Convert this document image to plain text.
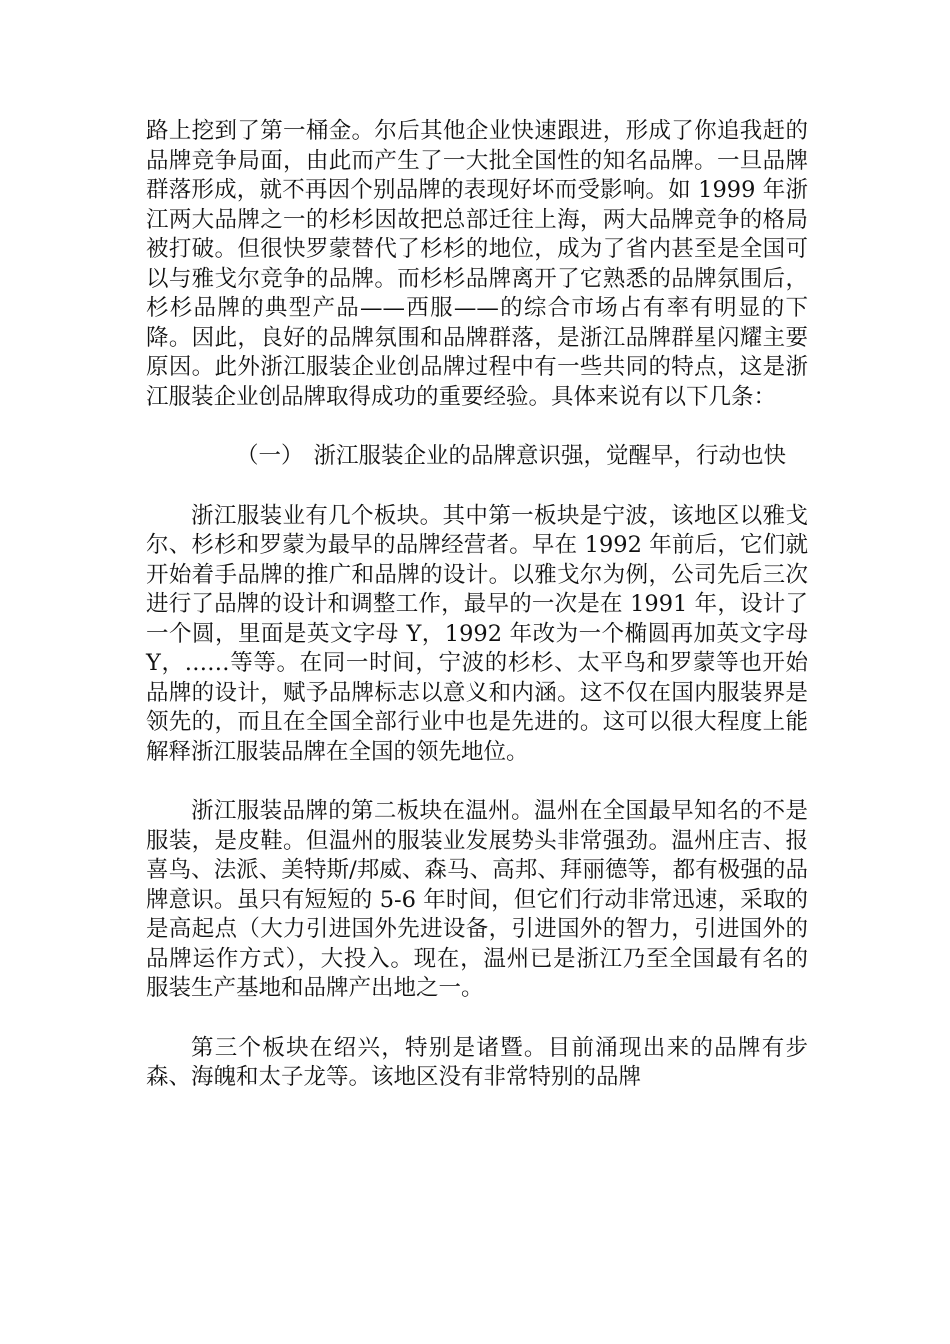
路上挖到了第一桶金。尔后其他企业快速跟进，形成了你追我赶的品牌竞争局面，由此而产生了一大批全国性的知名品牌。一旦品牌群落形成，就不再因个别品牌的表现好坏而受影响。如 1999 年浙江两大品牌之一的杉杉因故把总部迁往上海，两大品牌竞争的格局被打破。但很快罗蒙替代了杉杉的地位，成为了省内甚至是全国可以与雅戈尔竞争的品牌。而杉杉品牌离开了它熟悉的品牌氛围后，杉杉品牌的典型产品——西服——的综合市场占有率有明显的下降。因此，良好的品牌氛围和品牌群落，是浙江品牌群星闪耀主要原因。此外浙江服装企业创品牌过程中有一些共同的特点，这是浙江服装企业创品牌取得成功的重要经验。具体来说有以下几条：

（一） 浙江服装企业的品牌意识强，觉醒早，行动也快

浙江服装业有几个板块。其中第一板块是宁波，该地区以雅戈尔、杉杉和罗蒙为最早的品牌经营者。早在 1992 年前后，它们就开始着手品牌的推广和品牌的设计。以雅戈尔为例，公司先后三次进行了品牌的设计和调整工作，最早的一次是在 1991 年，设计了一个圆，里面是英文字母 Y，1992 年改为一个椭圆再加英文字母 Y，……等等。在同一时间，宁波的杉杉、太平鸟和罗蒙等也开始品牌的设计，赋予品牌标志以意义和内涵。这不仅在国内服装界是领先的，而且在全国全部行业中也是先进的。这可以很大程度上能解释浙江服装品牌在全国的领先地位。

浙江服装品牌的第二板块在温州。温州在全国最早知名的不是服装，是皮鞋。但温州的服装业发展势头非常强劲。温州庄吉、报喜鸟、法派、美特斯/邦威、森马、高邦、拜丽德等，都有极强的品牌意识。虽只有短短的 5-6 年时间，但它们行动非常迅速，采取的是高起点（大力引进国外先进设备，引进国外的智力，引进国外的品牌运作方式），大投入。现在，温州已是浙江乃至全国最有名的服装生产基地和品牌产出地之一。

第三个板块在绍兴，特别是诸暨。目前涌现出来的品牌有步森、海魄和太子龙等。该地区没有非常特别的品牌
